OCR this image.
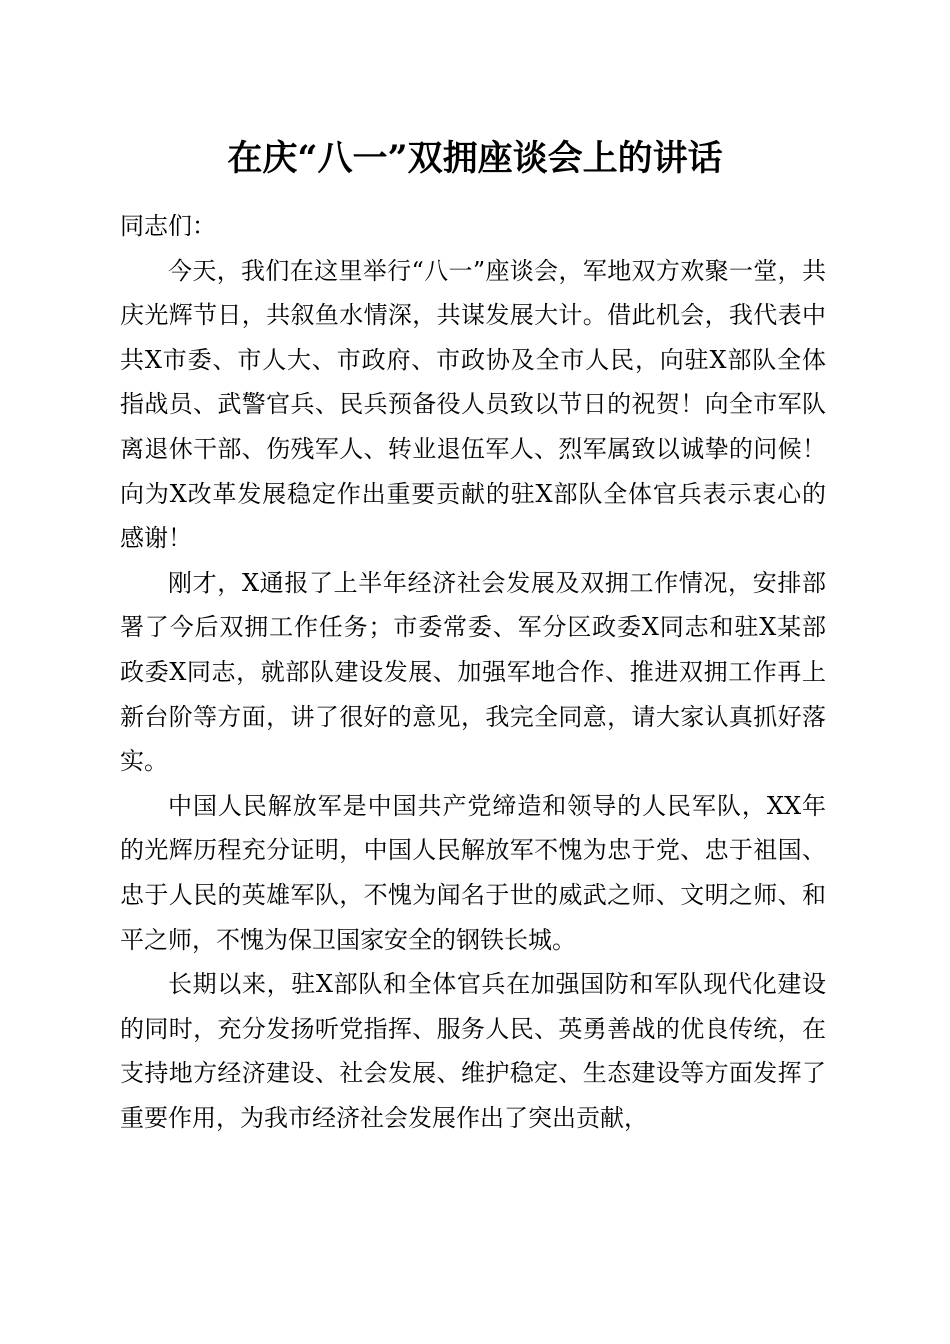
在庆“八一”双拥座谈会上的讲话

同志们：

今天，我们在这里举行“八一”座谈会，军地双方欢聚一堂，共庆光辉节日，共叙鱼水情深，共谋发展大计。借此机会，我代表中共X市委、市人大、市政府、市政协及全市人民，向驻X部队全体指战员、武警官兵、民兵预备役人员致以节日的祝贺！向全市军队离退休干部、伤残军人、转业退伍军人、烈军属致以诚挚的问候！向为X改革发展稳定作出重要贡献的驻X部队全体官兵表示衷心的感谢！

刚才，X通报了上半年经济社会发展及双拥工作情况，安排部署了今后双拥工作任务；市委常委、军分区政委X同志和驻X某部政委X同志，就部队建设发展、加强军地合作、推进双拥工作再上新台阶等方面，讲了很好的意见，我完全同意，请大家认真抓好落实。

中国人民解放军是中国共产党缔造和领导的人民军队，XX年的光辉历程充分证明，中国人民解放军不愧为忠于党、忠于祖国、忠于人民的英雄军队，不愧为闻名于世的威武之师、文明之师、和平之师，不愧为保卫国家安全的钢铁长城。

长期以来，驻X部队和全体官兵在加强国防和军队现代化建设的同时，充分发扬听党指挥、服务人民、英勇善战的优良传统，在支持地方经济建设、社会发展、维护稳定、生态建设等方面发挥了重要作用，为我市经济社会发展作出了突出贡献，
